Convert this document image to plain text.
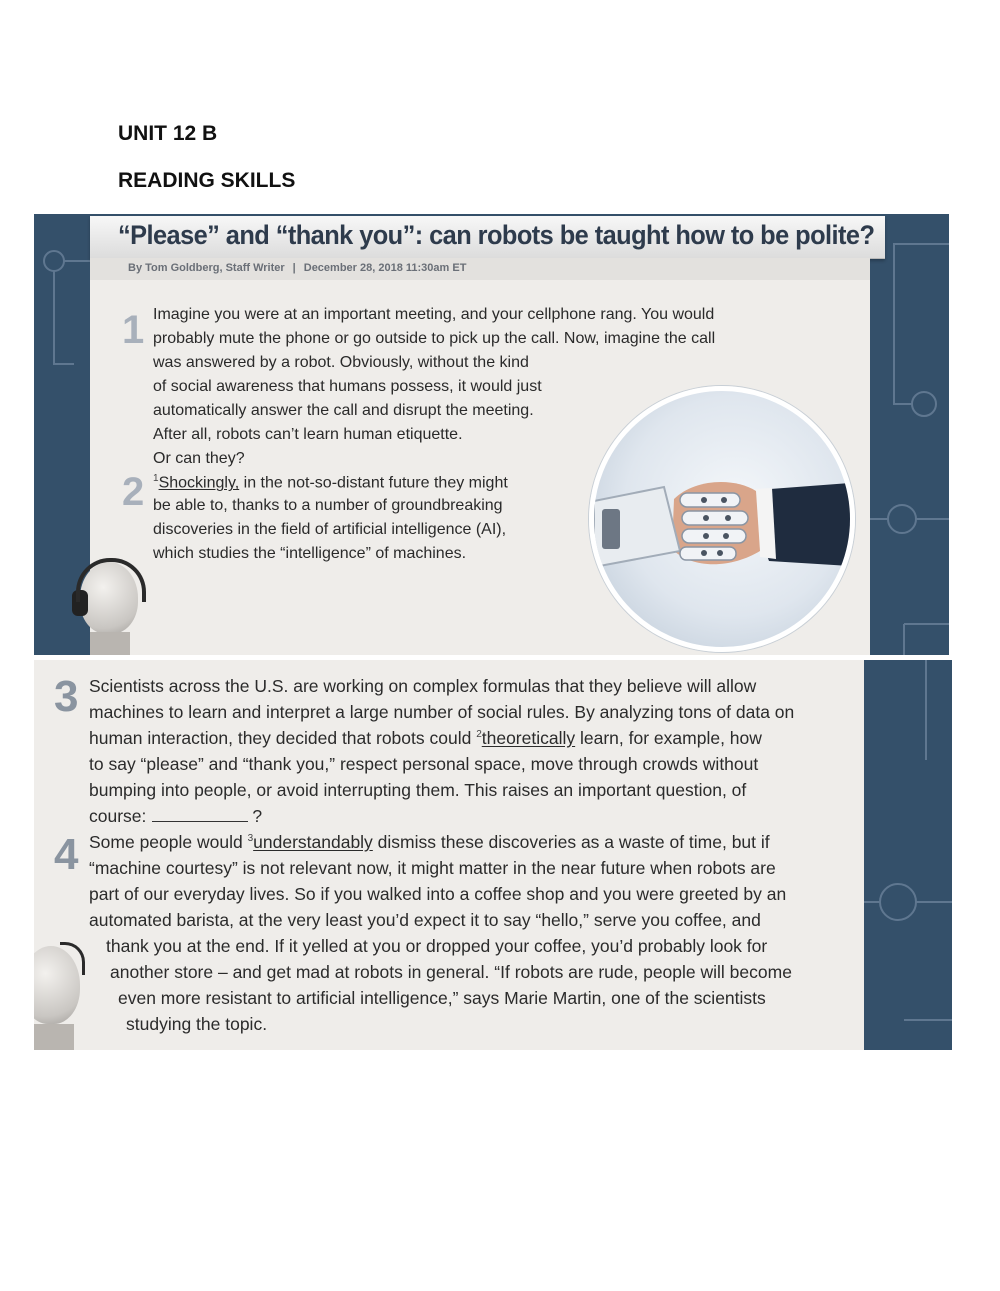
UNIT 12 B
READING SKILLS
“Please” and “thank you”: can robots be taught how to be polite?
By Tom Goldberg, Staff Writer | December 28, 2018 11:30am ET
1 Imagine you were at an important meeting, and your cellphone rang. You would
probably mute the phone or go outside to pick up the call. Now, imagine the call
was answered by a robot. Obviously, without the kind
of social awareness that humans possess, it would just
automatically answer the call and disrupt the meeting.
After all, robots can’t learn human etiquette.
Or can they?
2 $^1$Shockingly, in the not-so-distant future they might
be able to, thanks to a number of groundbreaking
discoveries in the field of artificial intelligence (AI),
which studies the “intelligence” of machines.
3 Scientists across the U.S. are working on complex formulas that they believe will allow
machines to learn and interpret a large number of social rules. By analyzing tons of data on
human interaction, they decided that robots could $^2$theoretically learn, for example, how
to say “please” and “thank you,” respect personal space, move through crowds without
bumping into people, or avoid interrupting them. This raises an important question, of
course:	?
4 Some people would $^3$understandably dismiss these discoveries as a waste of time, but if
“machine courtesy” is not relevant now, it might matter in the near future when robots are
part of our everyday lives. So if you walked into a coffee shop and you were greeted by an
automated barista, at the very least you’d expect it to say “hello,” serve you coffee, and
thank you at the end. If it yelled at you or dropped your coffee, you’d probably look for
another store – and get mad at robots in general. “If robots are rude, people will become
even more resistant to artificial intelligence,” says Marie Martin, one of the scientists
studying the topic.
